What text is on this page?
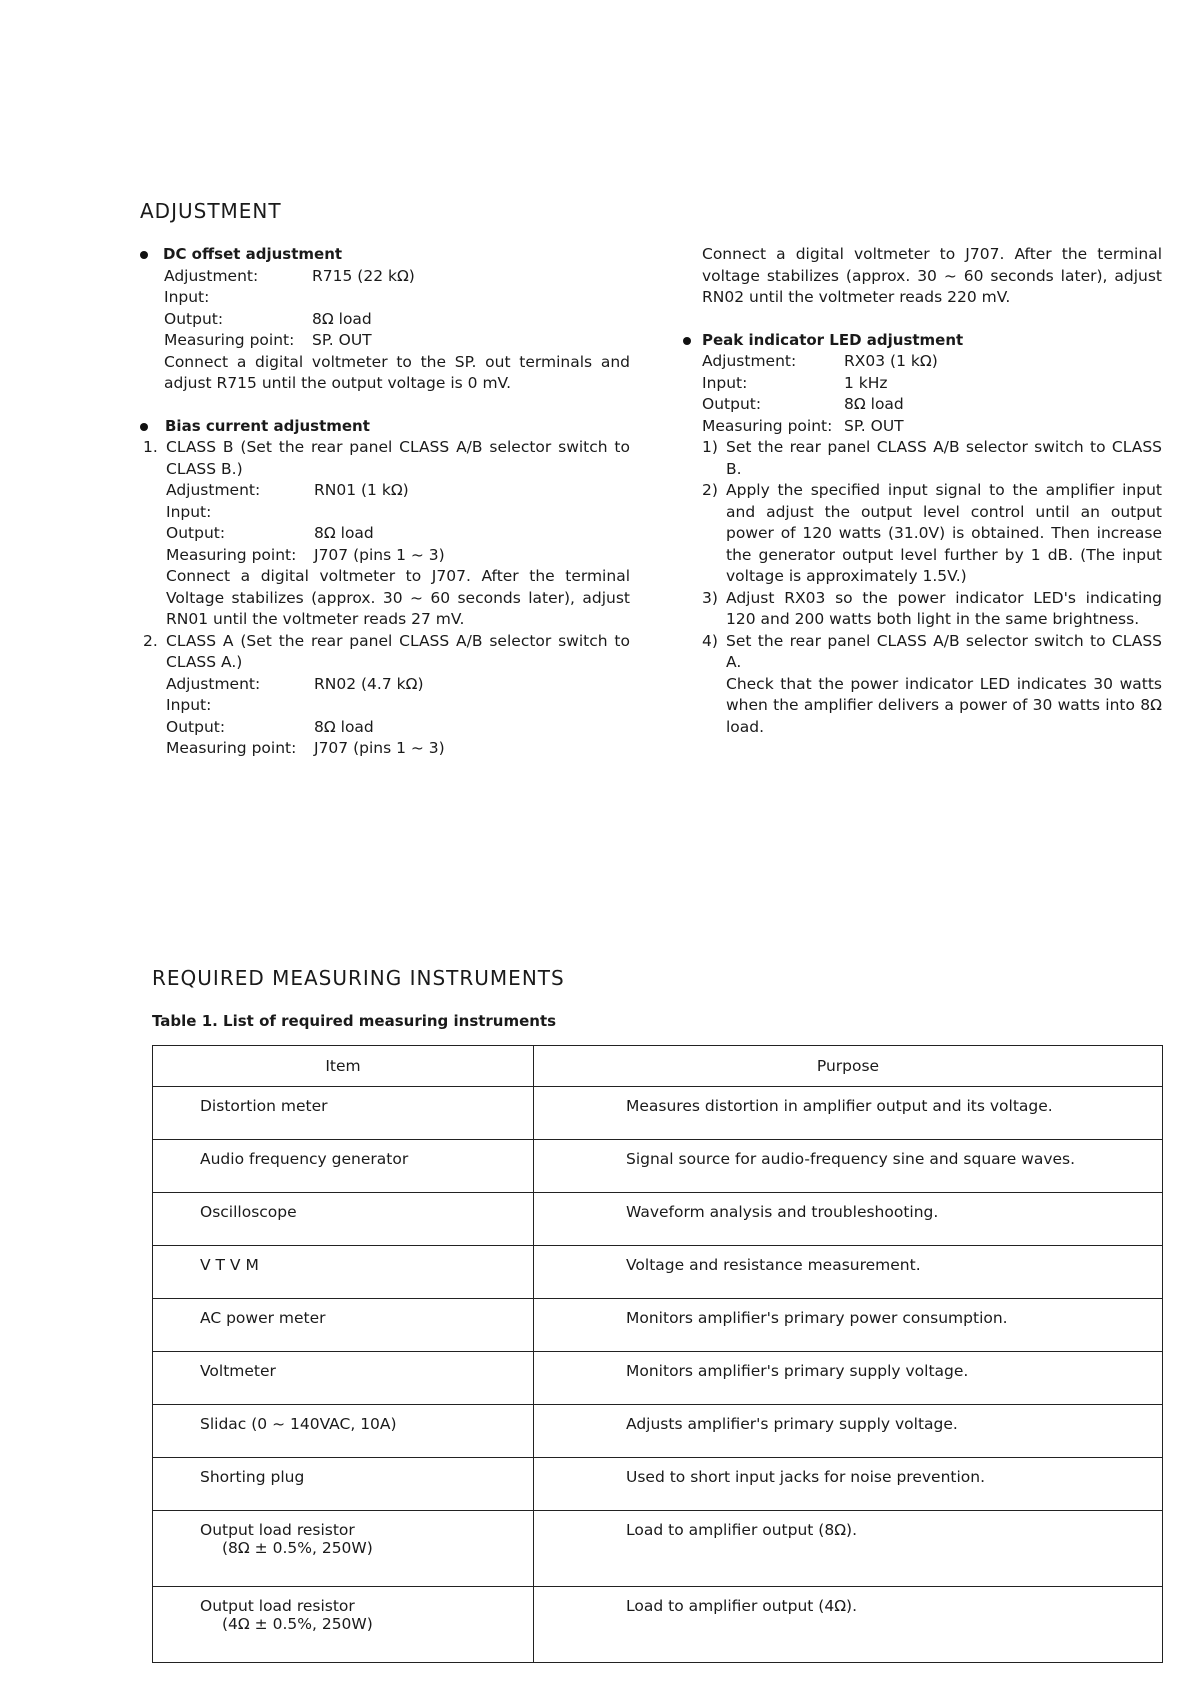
ADJUSTMENT
DC offset adjustment
Adjustment:	R715 (22 kΩ)
Input:
Output:	8Ω load
Measuring point:	SP. OUT
Connect a digital voltmeter to the SP. out terminals and adjust R715 until the output voltage is 0 mV.
Bias current adjustment
1. CLASS B (Set the rear panel CLASS A/B selector switch to CLASS B.)
Adjustment:	RN01 (1 kΩ)
Input:
Output:	8Ω load
Measuring point:	J707 (pins 1 ~ 3)
Connect a digital voltmeter to J707. After the terminal Voltage stabilizes (approx. 30 ~ 60 seconds later), adjust RN01 until the voltmeter reads 27 mV.
2. CLASS A (Set the rear panel CLASS A/B selector switch to CLASS A.)
Adjustment:	RN02 (4.7 kΩ)
Input:
Output:	8Ω load
Measuring point:	J707 (pins 1 ~ 3)
Connect a digital voltmeter to J707. After the terminal voltage stabilizes (approx. 30 ~ 60 seconds later), adjust RN02 until the voltmeter reads 220 mV.
Peak indicator LED adjustment
Adjustment:	RX03 (1 kΩ)
Input:	1 kHz
Output:	8Ω load
Measuring point: SP. OUT
1) Set the rear panel CLASS A/B selector switch to CLASS B.
2) Apply the specified input signal to the amplifier input and adjust the output level control until an output power of 120 watts (31.0V) is obtained. Then increase the generator output level further by 1 dB. (The input voltage is approximately 1.5V.)
3) Adjust RX03 so the power indicator LED's indicating 120 and 200 watts both light in the same brightness.
4) Set the rear panel CLASS A/B selector switch to CLASS A.
Check that the power indicator LED indicates 30 watts when the amplifier delivers a power of 30 watts into 8Ω load.
REQUIRED MEASURING INSTRUMENTS
Table 1. List of required measuring instruments
Item	Purpose
Distortion meter	Measures distortion in amplifier output and its voltage.
Audio frequency generator	Signal source for audio-frequency sine and square waves.
Oscilloscope	Waveform analysis and troubleshooting.
V T V M	Voltage and resistance measurement.
AC power meter	Monitors amplifier's primary power consumption.
Voltmeter	Monitors amplifier's primary supply voltage.
Slidac (0 ~ 140VAC, 10A)	Adjusts amplifier's primary supply voltage.
Shorting plug	Used to short input jacks for noise prevention.
Output load resistor
(8Ω ± 0.5%, 250W)	Load to amplifier output (8Ω).
Output load resistor
(4Ω ± 0.5%, 250W)	Load to amplifier output (4Ω).
